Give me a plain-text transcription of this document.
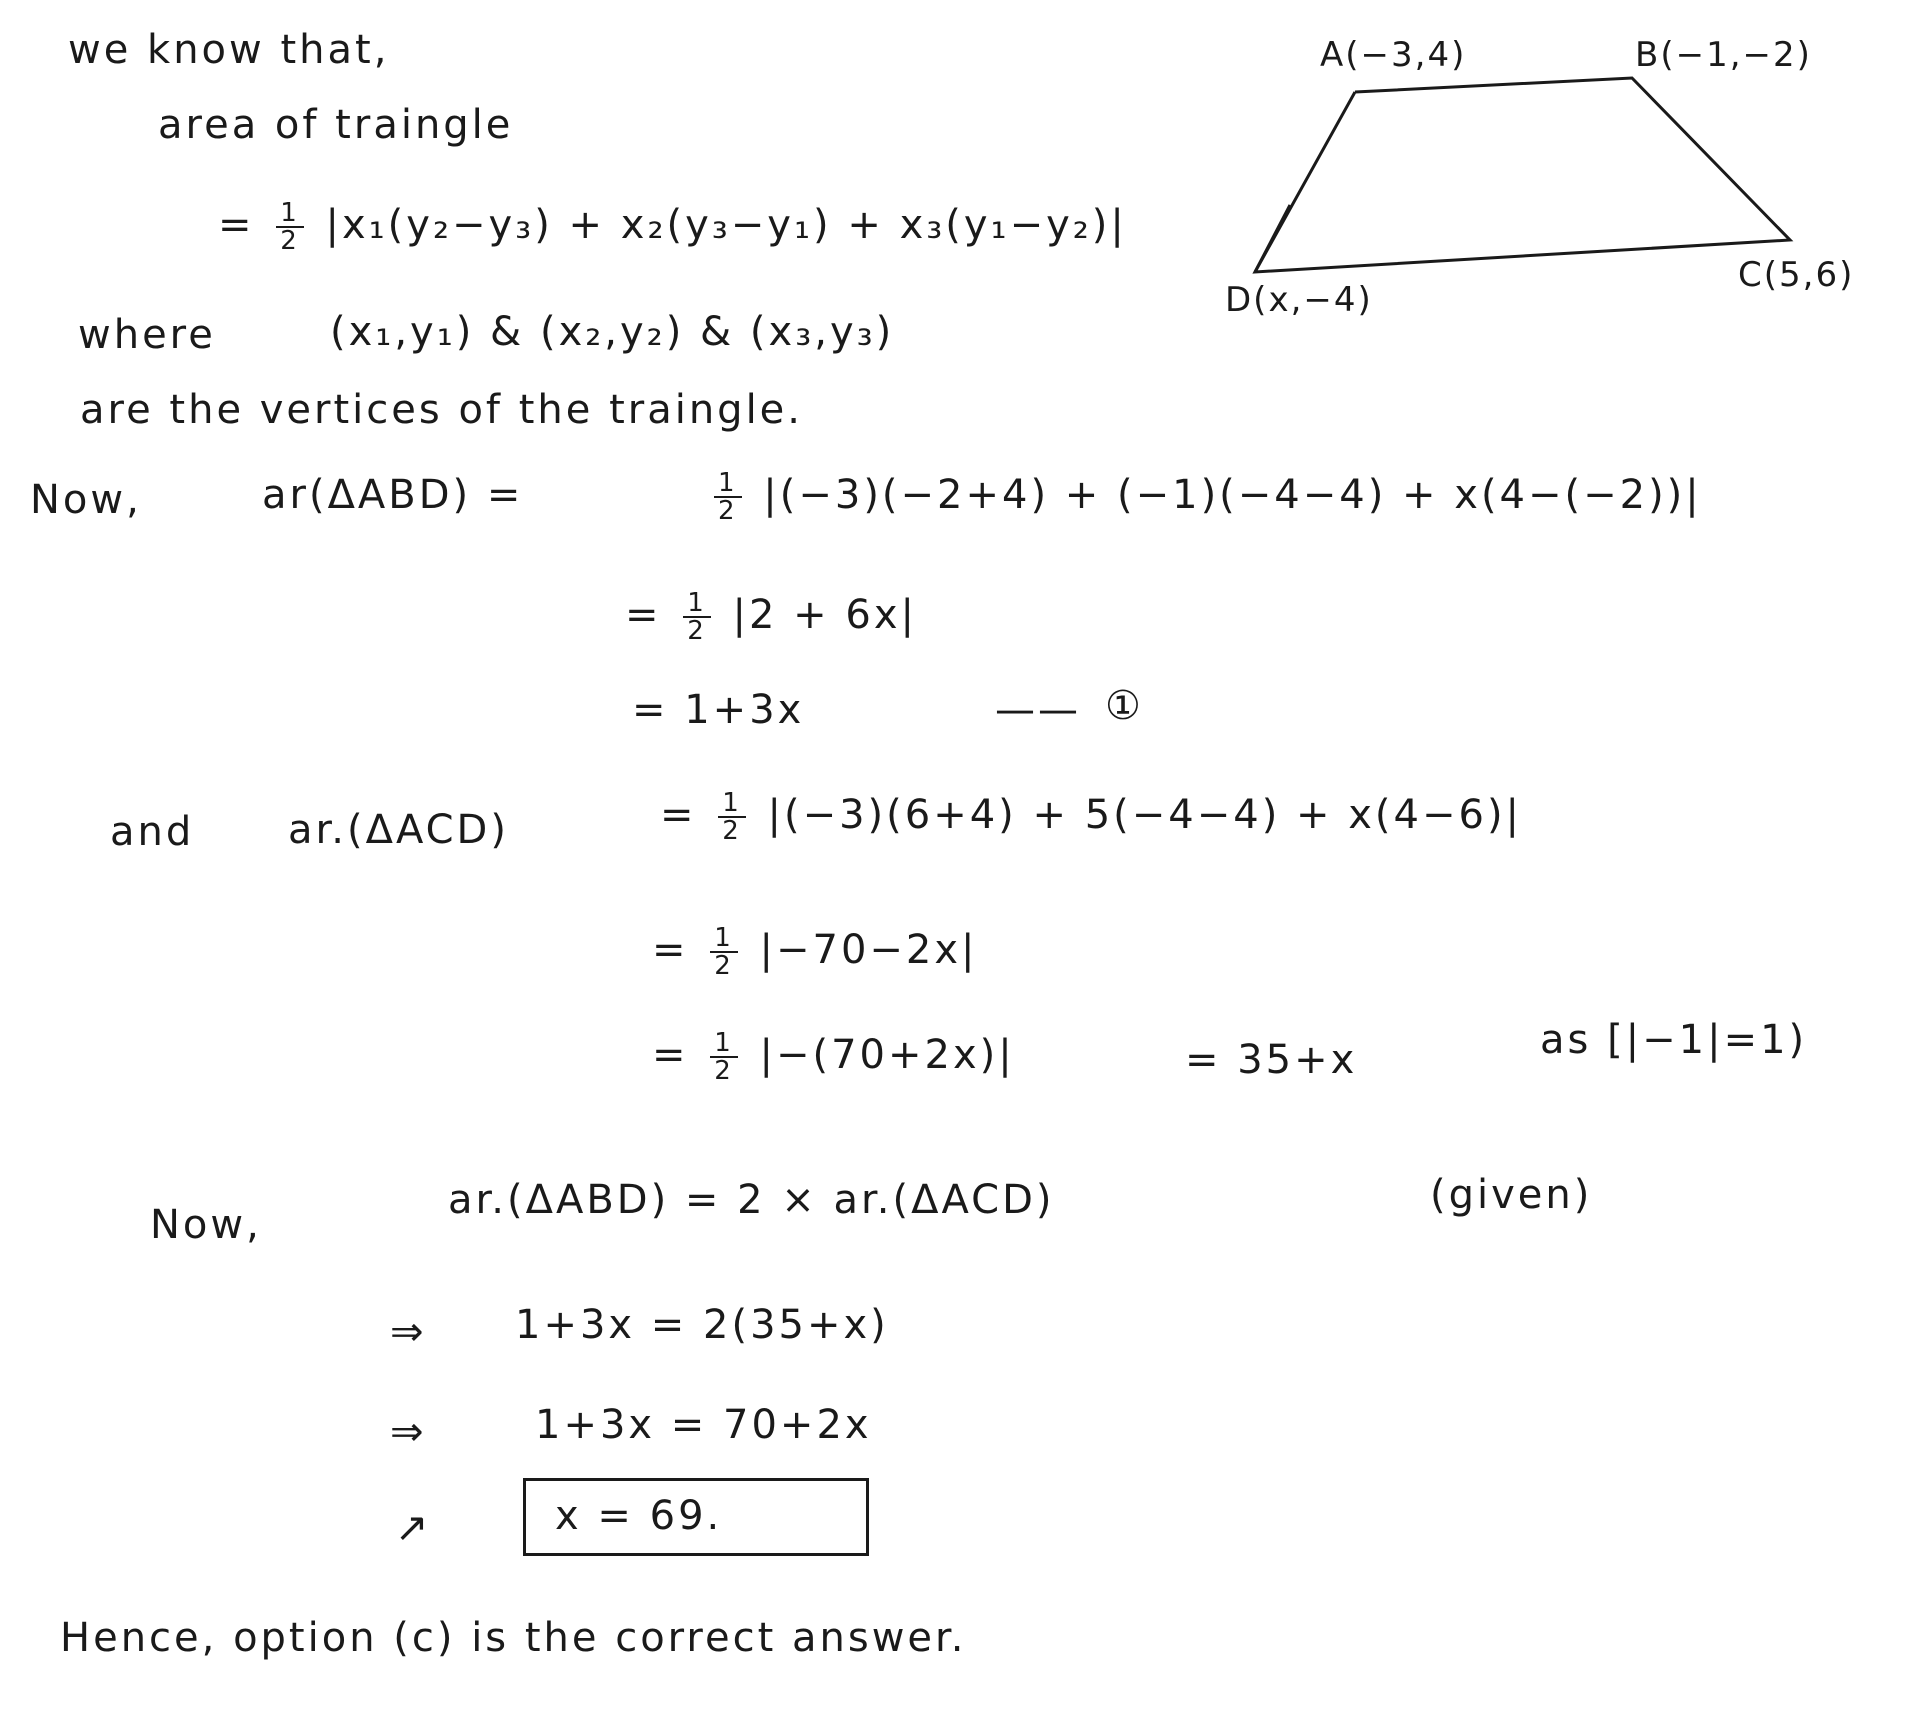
A(−3,4)	B(−1,−2)
C(5,6)
D(x,−4)
we know that,
area of traingle
= $\frac{1}{2} |x_1(y_2-y_3) + x_2(y_3-y_1) + x_3(y_1-y_2)|$
where	(x₁,y₁) & (x₂,y₂) & (x₃,y₃)
are the vertices of the traingle.
Now,	ar(ΔABD) =	$\frac{1}{2} |(-3)(-2+4) + (-1)(-4-4) + x(4-(-2))|$
= $\frac{1}{2} |2 + 6x|$
= 1+3x	—— ①
and ar.(ΔACD)	= $\frac{1}{2} |(-3)(6+4) + 5(-4-4) + x(4-6)|$
= $\frac{1}{2} |-70-2x|$
= $\frac{1}{2} |-(70+2x)|$	= 35+x	as [|−1|=1)
Now,
ar.(ΔABD) = 2 × ar.(ΔACD)	(given)
⇒ 1+3x = 2(35+x)
⇒	1+3x = 70+2x
↗	x = 69.
Hence, option (c) is the correct answer.
